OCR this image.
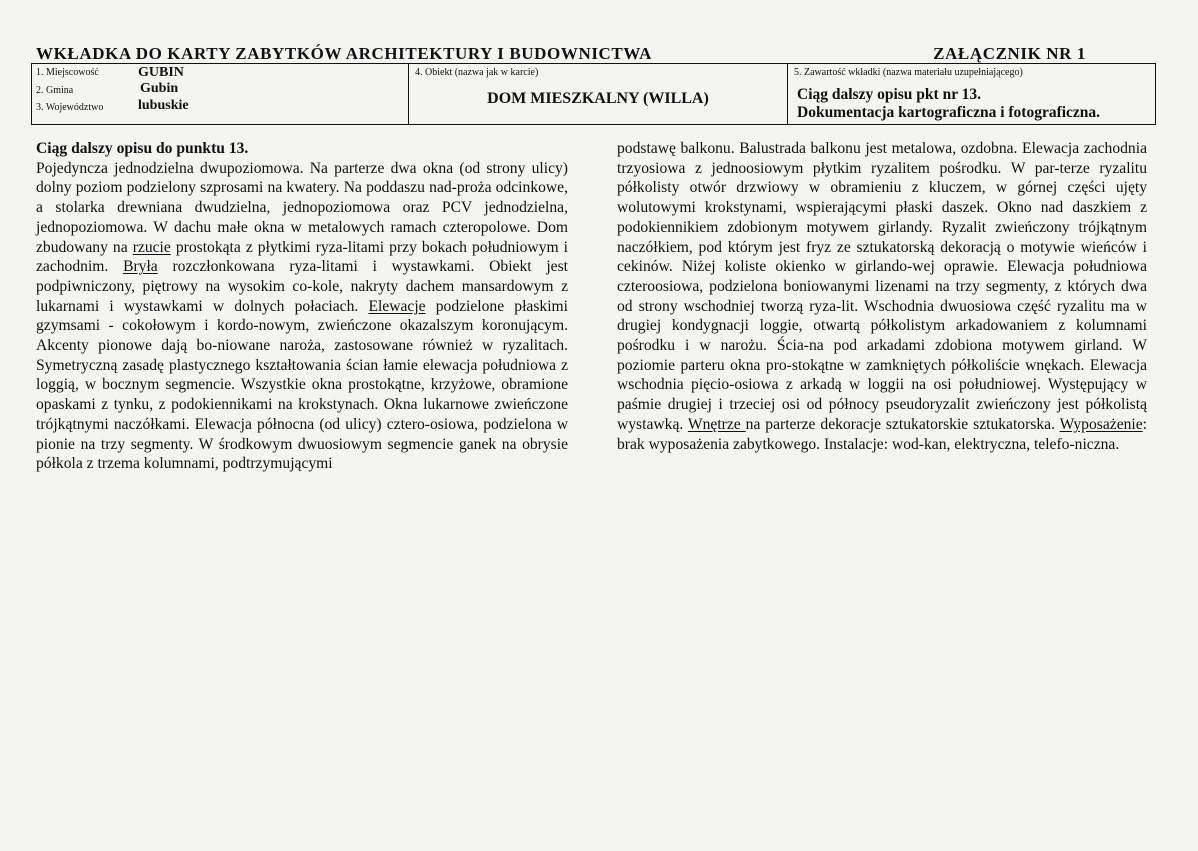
WKŁADKA DO KARTY ZABYTKÓW ARCHITEKTURY I BUDOWNICTWA	ZAŁĄCZNIK NR 1
1. Miejscowość	GUBIN
2. Gmina	Gubin
3. Województwo lubuskie
4. Obiekt (nazwa jak w karcie)
DOM MIESZKALNY (WILLA)
5. Zawartość wkładki (nazwa materiału uzupełniającego)
Ciąg dalszy opisu pkt nr 13.
Dokumentacja kartograficzna i fotograficzna.
Ciąg dalszy opisu do punktu 13.

Pojedyncza jednodzielna dwupoziomowa. Na parterze dwa okna (od strony ulicy) dolny poziom podzielony szprosami na kwatery. Na poddaszu nad-proża odcinkowe, a stolarka drewniana dwudzielna, jednopoziomowa oraz PCV jednodzielna, jednopoziomowa. W dachu małe okna w metalowych ramach czteropolowe. Dom zbudowany na rzucie prostokąta z płytkimi ryza-litami przy bokach południowym i zachodnim. Bryła rozczłonkowana ryza-litami i wystawkami. Obiekt jest podpiwniczony, piętrowy na wysokim co-kole, nakryty dachem mansardowym z lukarnami i wystawkami w dolnych połaciach. Elewacje podzielone płaskimi gzymsami - cokołowym i kordo-nowym, zwieńczone okazalszym koronującym. Akcenty pionowe dają bo-niowane naroża, zastosowane również w ryzalitach. Symetryczną zasadę plastycznego kształtowania ścian łamie elewacja południowa z loggią, w bocznym segmencie. Wszystkie okna prostokątne, krzyżowe, obramione opaskami z tynku, z podokiennikami na krokstynach. Okna lukarnowe zwieńczone trójkątnymi naczółkami. Elewacja północna (od ulicy) cztero-osiowa, podzielona w pionie na trzy segmenty. W środkowym dwuosiowym segmencie ganek na obrysie półkola z trzema kolumnami, podtrzymującymi

podstawę balkonu. Balustrada balkonu jest metalowa, ozdobna. Elewacja zachodnia trzyosiowa z jednoosiowym płytkim ryzalitem pośrodku. W par-terze ryzalitu półkolisty otwór drzwiowy w obramieniu z kluczem, w górnej części ujęty wolutowymi krokstynami, wspierającymi płaski daszek. Okno nad daszkiem z podokiennikiem zdobionym motywem girlandy. Ryzalit zwieńczony trójkątnym naczółkiem, pod którym jest fryz ze sztukatorską dekoracją o motywie wieńców i cekinów. Niżej koliste okienko w girlando-wej oprawie. Elewacja południowa czteroosiowa, podzielona boniowanymi lizenami na trzy segmenty, z których dwa od strony wschodniej tworzą ryza-lit. Wschodnia dwuosiowa część ryzalitu ma w drugiej kondygnacji loggie, otwartą półkolistym arkadowaniem z kolumnami pośrodku i w narożu. Ścia-na pod arkadami zdobiona motywem girland. W poziomie parteru okna pro-stokątne w zamkniętych półkoliście wnękach. Elewacja wschodnia pięcio-osiowa z arkadą w loggii na osi południowej. Występujący w paśmie drugiej i trzeciej osi od północy pseudoryzalit zwieńczony jest półkolistą wystawką. Wnętrze na parterze dekoracje sztukatorskie sztukatorska. Wyposażenie: brak wyposażenia zabytkowego. Instalacje: wod-kan, elektryczna, telefo-niczna.
